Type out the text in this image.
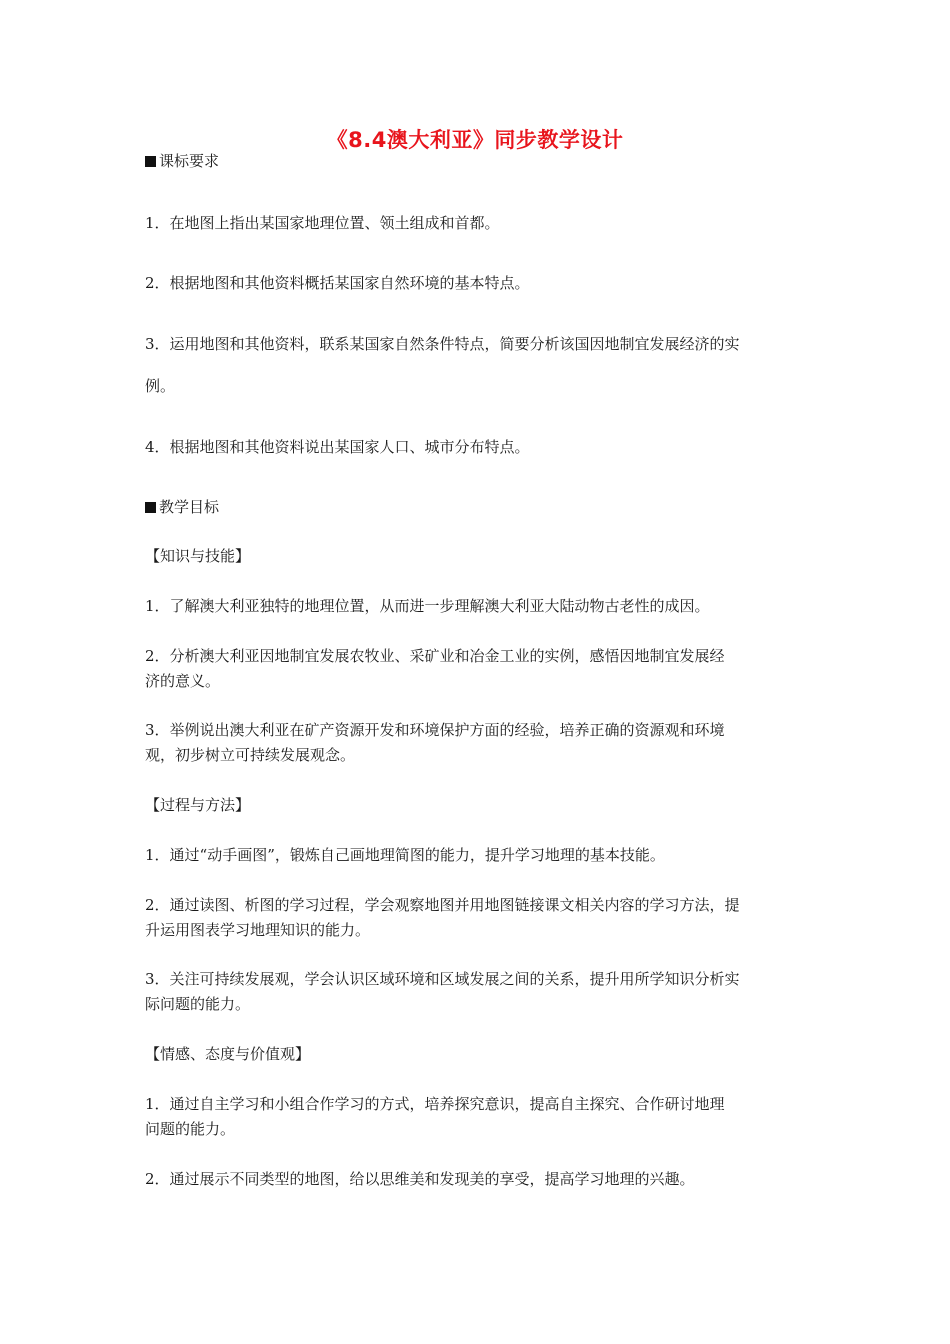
《8.4澳大利亚》同步教学设计
课标要求
1．在地图上指出某国家地理位置、领土组成和首都。
2．根据地图和其他资料概括某国家自然环境的基本特点。
3．运用地图和其他资料，联系某国家自然条件特点，简要分析该国因地制宜发展经济的实
例。
4．根据地图和其他资料说出某国家人口、城市分布特点。
教学目标
【知识与技能】
1．了解澳大利亚独特的地理位置，从而进一步理解澳大利亚大陆动物古老性的成因。
2．分析澳大利亚因地制宜发展农牧业、采矿业和冶金工业的实例，感悟因地制宜发展经
济的意义。
3．举例说出澳大利亚在矿产资源开发和环境保护方面的经验，培养正确的资源观和环境
观，初步树立可持续发展观念。
【过程与方法】
1．通过“动手画图”，锻炼自己画地理简图的能力，提升学习地理的基本技能。
2．通过读图、析图的学习过程，学会观察地图并用地图链接课文相关内容的学习方法，提
升运用图表学习地理知识的能力。
3．关注可持续发展观，学会认识区域环境和区域发展之间的关系，提升用所学知识分析实
际问题的能力。
【情感、态度与价值观】
1．通过自主学习和小组合作学习的方式，培养探究意识，提高自主探究、合作研讨地理
问题的能力。
2．通过展示不同类型的地图，给以思维美和发现美的享受，提高学习地理的兴趣。
